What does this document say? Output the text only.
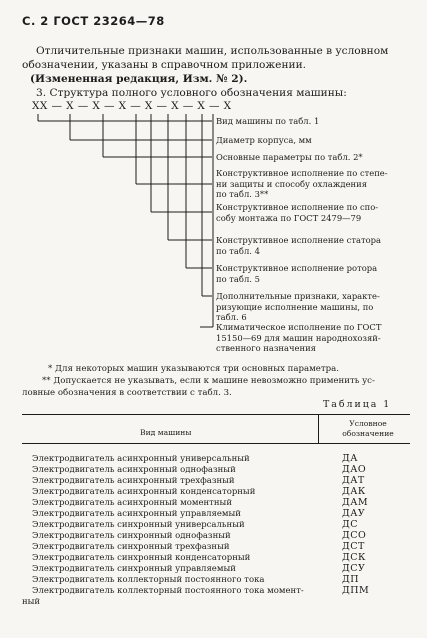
С. 2 ГОСТ 23264—78
Отличительные признаки машин, использованные в условном
обозначении, указаны в справочном приложении.
(Измененная редакция, Изм. № 2).
3. Структура полного условного обозначения машины:
XX — X — X — X — X — X — X — X
Вид машины по табл. 1
Диаметр корпуса, мм
Основные параметры по табл. 2*
Конструктивное исполнение по степе-
ни защиты и способу охлаждения
по табл. 3**
Конструктивное исполнение по спо-
собу монтажа по ГОСТ 2479—79
Конструктивное исполнение статора
по табл. 4
Конструктивное исполнение ротора
по табл. 5
Дополнительные признаки, характе-
ризующие исполнение машины, по
табл. 6
Климатическое исполнение по ГОСТ
15150—69 для машин народнохозяй-
ственного назначения
* Для некоторых машин указываются три основных параметра.
** Допускается не указывать, если к машине невозможно применить ус-
ловные обозначения в соответствии с табл. 3.
Таблица 1
Вид машины
Условное
обозначение
Электродвигатель асинхронный универсальный	ДА
Электродвигатель асинхронный однофазный	ДАО
Электродвигатель асинхронный трехфазный	ДАТ
Электродвигатель асинхронный конденсаторный	ДАК
Электродвигатель асинхронный моментный	ДАМ
Электродвигатель асинхронный управляемый	ДАУ
Электродвигатель синхронный универсальный	ДС
Электродвигатель синхронный однофазный	ДСО
Электродвигатель синхронный трехфазный	ДСТ
Электродвигатель синхронный конденсаторный	ДСК
Электродвигатель синхронный управляемый	ДСУ
Электродвигатель коллекторный постоянного тока	ДП
Электродвигатель коллекторный постоянного тока момент-	ДПМ
ный
